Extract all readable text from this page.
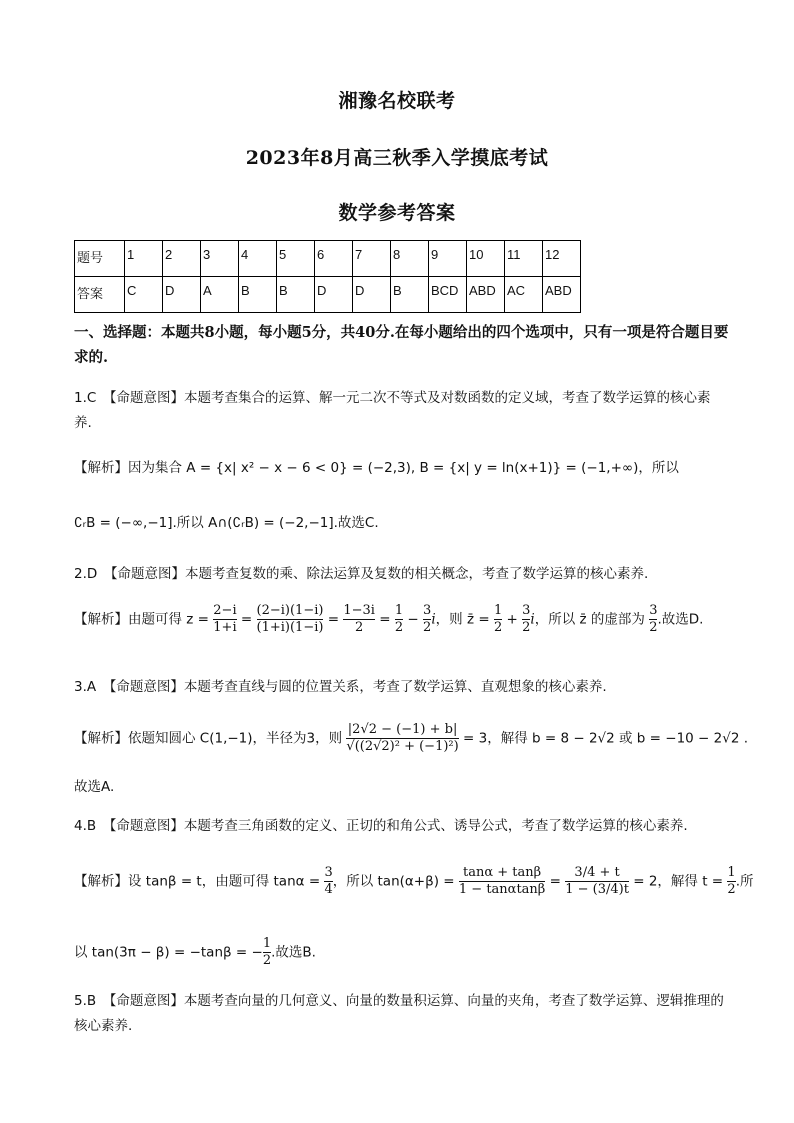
湘豫名校联考
2023年8月高三秋季入学摸底考试
数学参考答案
题号	1	2	3	4	5	6	7	8	9	10	11	12
答案	C	D	A	B	B	D	D	B	BCD	ABD	AC	ABD
一、选择题：本题共8小题，每小题5分，共40分.在每小题给出的四个选项中，只有一项是符合题目要求的.
1.C　【命题意图】本题考查集合的运算、解一元二次不等式及对数函数的定义域，考查了数学运算的核心素
养.
【解析】因为集合 A = {x| x² − x − 6 < 0} = (−2,3), B = {x| y = ln(x+1)} = (−1,+∞)，所以
∁ᵣB = (−∞,−1].所以 A∩(∁ᵣB) = (−2,−1].故选C.
2.D　【命题意图】本题考查复数的乘、除法运算及复数的相关概念，考查了数学运算的核心素养.
【解析】由题可得 $z = \frac{2-i}{1+i} = \frac{(2-i)(1-i)}{(1+i)(1-i)} = \frac{1-3i}{2} = \frac{1}{2} - \frac{3}{2}$ i，则 z̄ = $\frac{1}{2} + \frac{3}{2}$ i，所以 z̄ 的虚部为 $\frac{3}{2}$ .故选D.
3.A　【命题意图】本题考查直线与圆的位置关系，考查了数学运算、直观想象的核心素养.
【解析】依题知圆心 C(1,−1)，半径为3，则 $\frac{|2√2 - (-1) + b|}{\text{√((2√2)² + (−1)²)}} = 3$，解得 b = 8 − 2√2 或 b = −10 − 2√2 .
故选A.
4.B　【命题意图】本题考查三角函数的定义、正切的和角公式、诱导公式，考查了数学运算的核心素养.
【解析】设 tanβ = t，由题可得 $\tan\alpha = \frac{3}{4}$ ，所以 $\tan(\alpha+\beta) = \frac{\tan\alpha + \tan\beta}{1 - \tan\alpha\tan\beta} = \frac{3/4 + t}{1 - (3/4)t} = 2$，解得 $t = \frac{1}{2}$ .所
以 tan(3π − β) = −tanβ = − $\frac{1}{2}$ .故选B.
5.B　【命题意图】本题考查向量的几何意义、向量的数量积运算、向量的夹角，考查了数学运算、逻辑推理的
核心素养.
